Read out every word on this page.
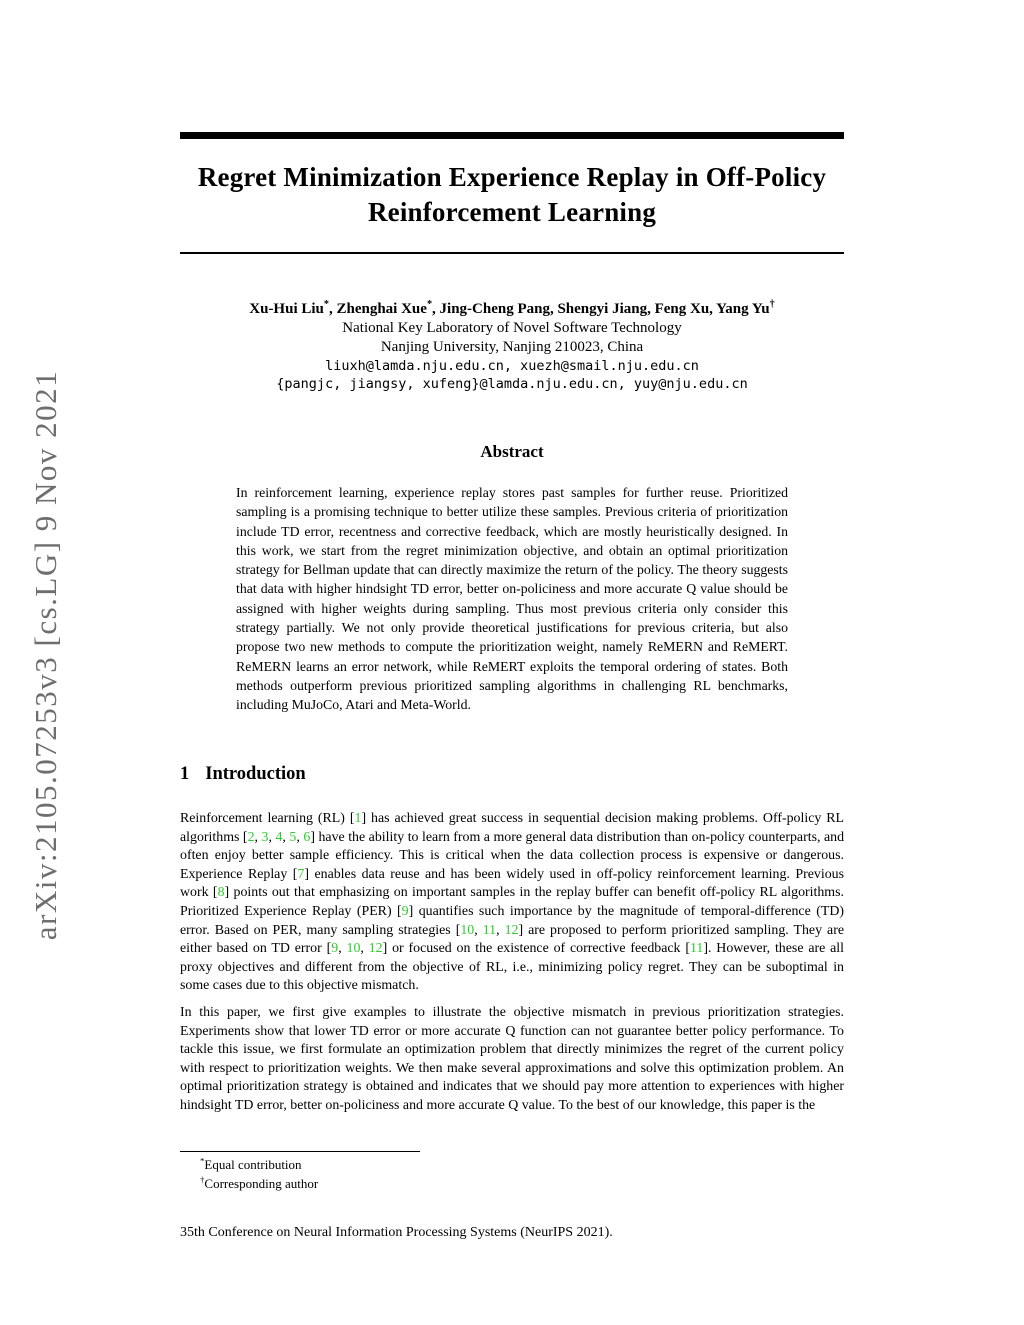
arXiv:2105.07253v3 [cs.LG] 9 Nov 2021
Regret Minimization Experience Replay in Off-Policy
Reinforcement Learning
Xu-Hui Liu*, Zhenghai Xue*, Jing-Cheng Pang, Shengyi Jiang, Feng Xu, Yang Yu†
National Key Laboratory of Novel Software Technology
Nanjing University, Nanjing 210023, China
liuxh@lamda.nju.edu.cn, xuezh@smail.nju.edu.cn
{pangjc, jiangsy, xufeng}@lamda.nju.edu.cn, yuy@nju.edu.cn
Abstract
In reinforcement learning, experience replay stores past samples for further reuse. Prioritized sampling is a promising technique to better utilize these samples. Previous criteria of prioritization include TD error, recentness and corrective feedback, which are mostly heuristically designed. In this work, we start from the regret minimization objective, and obtain an optimal prioritization strategy for Bellman update that can directly maximize the return of the policy. The theory suggests that data with higher hindsight TD error, better on-policiness and more accurate Q value should be assigned with higher weights during sampling. Thus most previous criteria only consider this strategy partially. We not only provide theoretical justifications for previous criteria, but also propose two new methods to compute the prioritization weight, namely ReMERN and ReMERT. ReMERN learns an error network, while ReMERT exploits the temporal ordering of states. Both methods outperform previous prioritized sampling algorithms in challenging RL benchmarks, including MuJoCo, Atari and Meta-World.
1 Introduction

Reinforcement learning (RL) [1] has achieved great success in sequential decision making problems. Off-policy RL algorithms [2, 3, 4, 5, 6] have the ability to learn from a more general data distribution than on-policy counterparts, and often enjoy better sample efficiency. This is critical when the data collection process is expensive or dangerous. Experience Replay [7] enables data reuse and has been widely used in off-policy reinforcement learning. Previous work [8] points out that emphasizing on important samples in the replay buffer can benefit off-policy RL algorithms. Prioritized Experience Replay (PER) [9] quantifies such importance by the magnitude of temporal-difference (TD) error. Based on PER, many sampling strategies [10, 11, 12] are proposed to perform prioritized sampling. They are either based on TD error [9, 10, 12] or focused on the existence of corrective feedback [11]. However, these are all proxy objectives and different from the objective of RL, i.e., minimizing policy regret. They can be suboptimal in some cases due to this objective mismatch.

In this paper, we first give examples to illustrate the objective mismatch in previous prioritization strategies. Experiments show that lower TD error or more accurate Q function can not guarantee better policy performance. To tackle this issue, we first formulate an optimization problem that directly minimizes the regret of the current policy with respect to prioritization weights. We then make several approximations and solve this optimization problem. An optimal prioritization strategy is obtained and indicates that we should pay more attention to experiences with higher hindsight TD error, better on-policiness and more accurate Q value. To the best of our knowledge, this paper is the

*Equal contribution
†Corresponding author
35th Conference on Neural Information Processing Systems (NeurIPS 2021).
